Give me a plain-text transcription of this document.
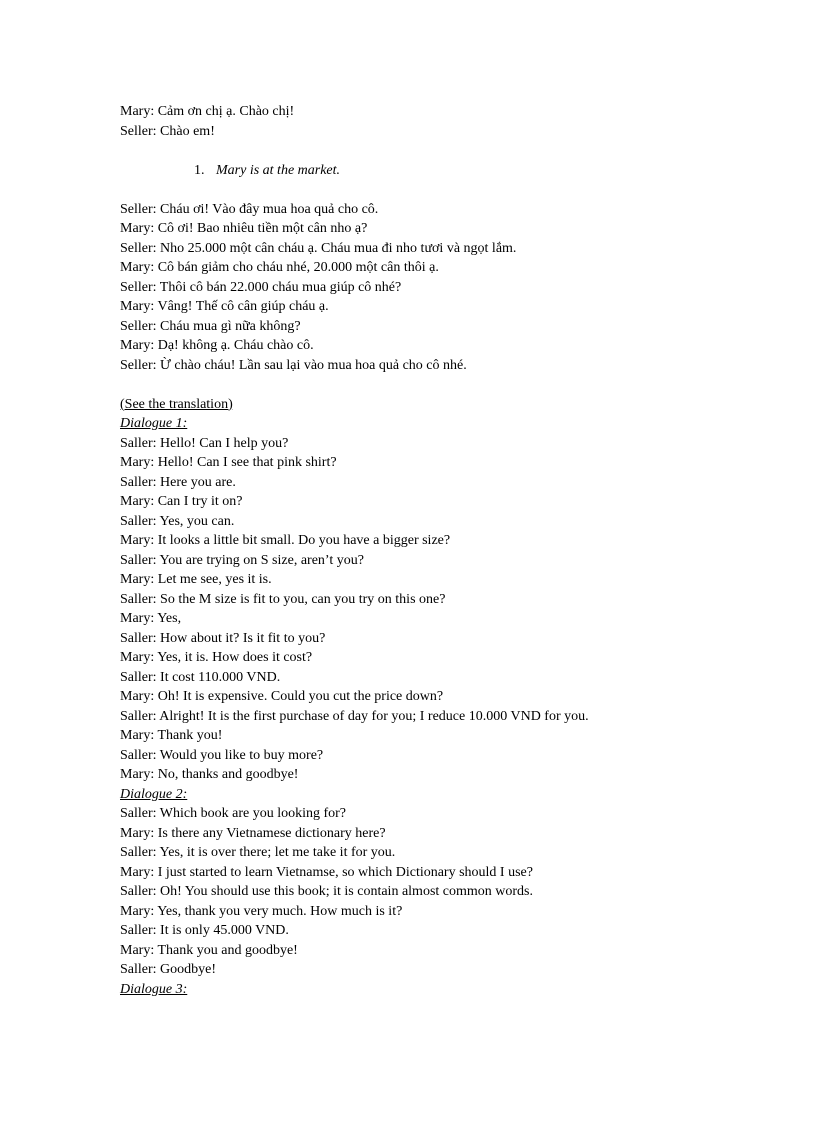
Mary: Cảm ơn chị ạ. Chào chị!
Seller: Chào em!
1. Mary is at the market.
Seller: Cháu ơi! Vào đây mua hoa quả cho cô.
Mary: Cô ơi! Bao nhiêu tiền một cân nho ạ?
Seller: Nho 25.000 một cân cháu ạ. Cháu mua đi nho tươi và ngọt lắm.
Mary: Cô bán giảm cho cháu nhé, 20.000 một cân thôi ạ.
Seller: Thôi cô bán 22.000 cháu mua giúp cô nhé?
Mary: Vâng! Thế cô cân giúp cháu ạ.
Seller: Cháu mua gì nữa không?
Mary: Dạ! không ạ. Cháu chào cô.
Seller: Ừ chào cháu! Lần sau lại vào mua hoa quả cho cô nhé.
(See the translation)
Dialogue 1:
Saller: Hello! Can I help you?
Mary: Hello! Can I see that pink shirt?
Saller: Here you are.
Mary: Can I try it on?
Saller: Yes, you can.
Mary: It looks a little bit small. Do you have a bigger size?
Saller: You are trying on S size, aren’t you?
Mary: Let me see, yes it is.
Saller: So the M size is fit to you, can you try on this one?
Mary: Yes,
Saller: How about it? Is it fit to you?
Mary: Yes, it is. How does it cost?
Saller: It cost 110.000 VND.
Mary: Oh! It is expensive. Could you cut the price down?
Saller: Alright! It is the first purchase of day for you; I reduce 10.000 VND for you.
Mary: Thank you!
Saller: Would you like to buy more?
Mary: No, thanks and goodbye!
Dialogue 2:
Saller: Which book are you looking for?
Mary: Is there any Vietnamese dictionary here?
Saller: Yes, it is over there; let me take it for you.
Mary: I just started to learn Vietnamse, so which Dictionary should I use?
Saller: Oh! You should use this book; it is contain almost common words.
Mary: Yes, thank you very much. How much is it?
Saller: It is only 45.000 VND.
Mary: Thank you and goodbye!
Saller: Goodbye!
Dialogue 3:
